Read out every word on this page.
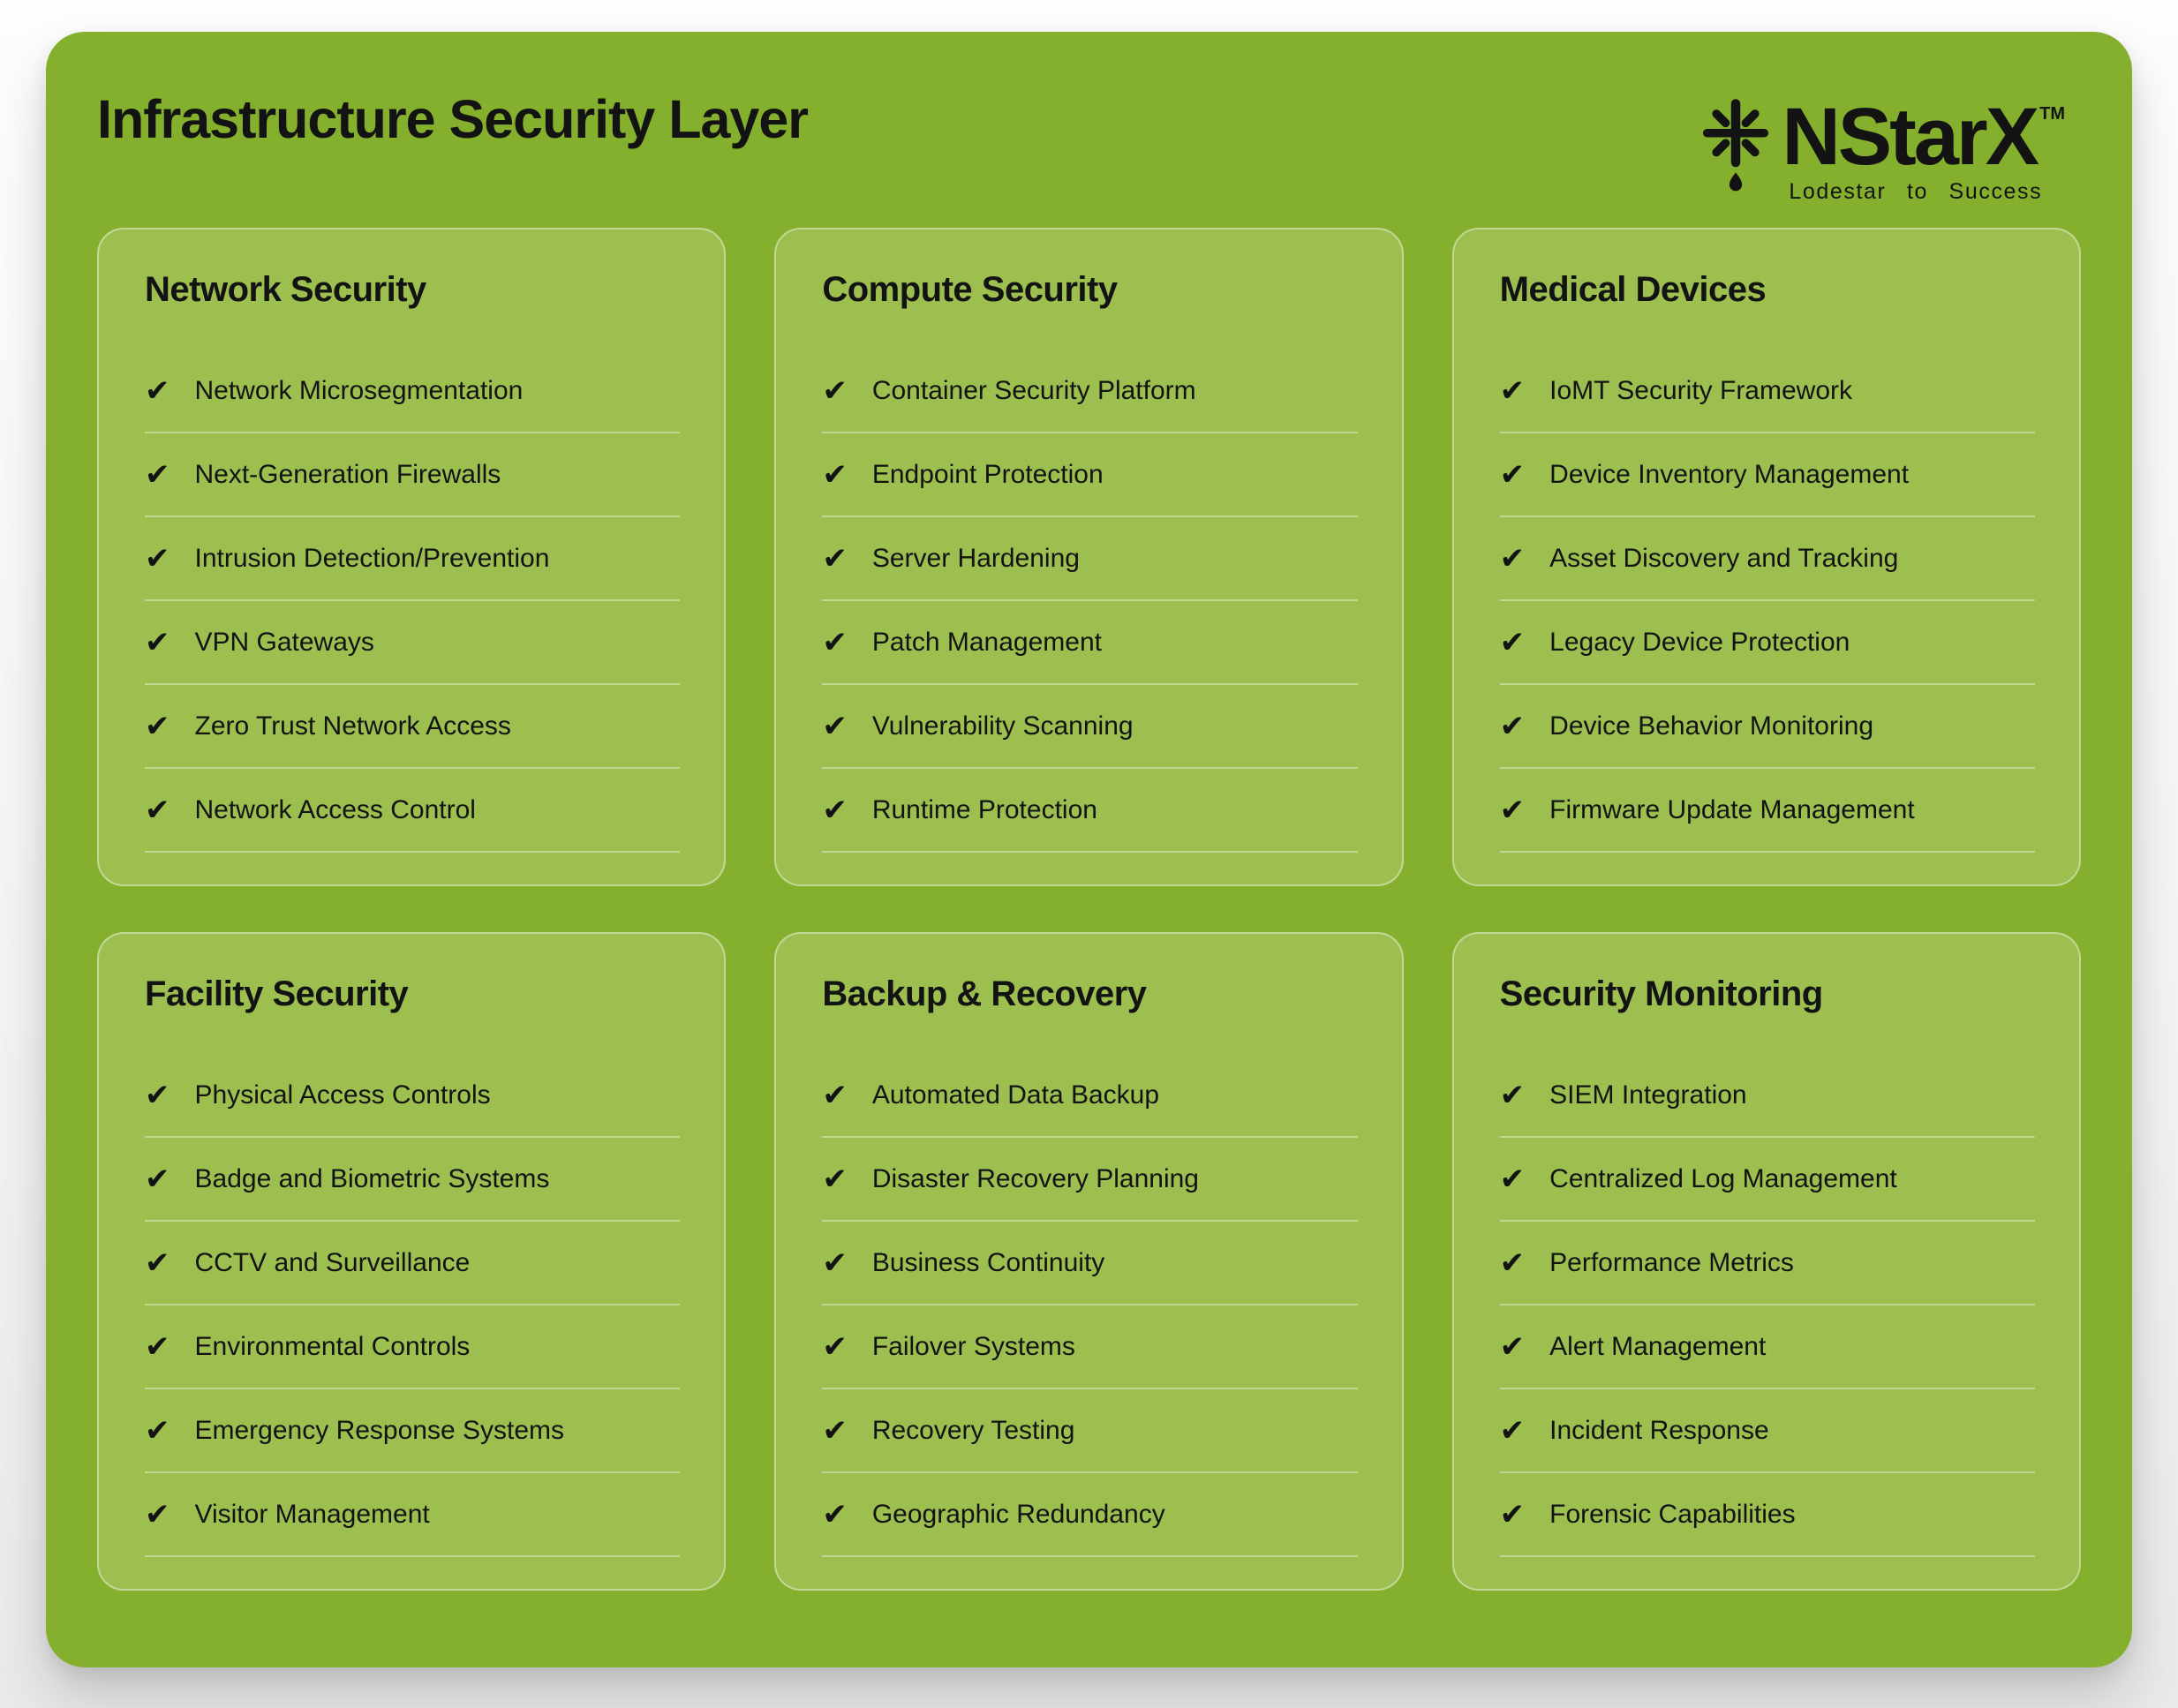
Infrastructure Security Layer	NStarX TM
Lodestar to Success
Network Security
✔ Network Microsegmentation
✔ Next-Generation Firewalls
✔ Intrusion Detection/Prevention
✔ VPN Gateways
✔ Zero Trust Network Access
✔ Network Access Control
Compute Security
✔ Container Security Platform
✔ Endpoint Protection
✔ Server Hardening
✔ Patch Management
✔ Vulnerability Scanning
✔ Runtime Protection
Medical Devices
✔ IoMT Security Framework
✔ Device Inventory Management
✔ Asset Discovery and Tracking
✔ Legacy Device Protection
✔ Device Behavior Monitoring
✔ Firmware Update Management
Facility Security
✔ Physical Access Controls
✔ Badge and Biometric Systems
✔ CCTV and Surveillance
✔ Environmental Controls
✔ Emergency Response Systems
✔ Visitor Management
Backup & Recovery
✔ Automated Data Backup
✔ Disaster Recovery Planning
✔ Business Continuity
✔ Failover Systems
✔ Recovery Testing
✔ Geographic Redundancy
Security Monitoring
✔ SIEM Integration
✔ Centralized Log Management
✔ Performance Metrics
✔ Alert Management
✔ Incident Response
✔ Forensic Capabilities
